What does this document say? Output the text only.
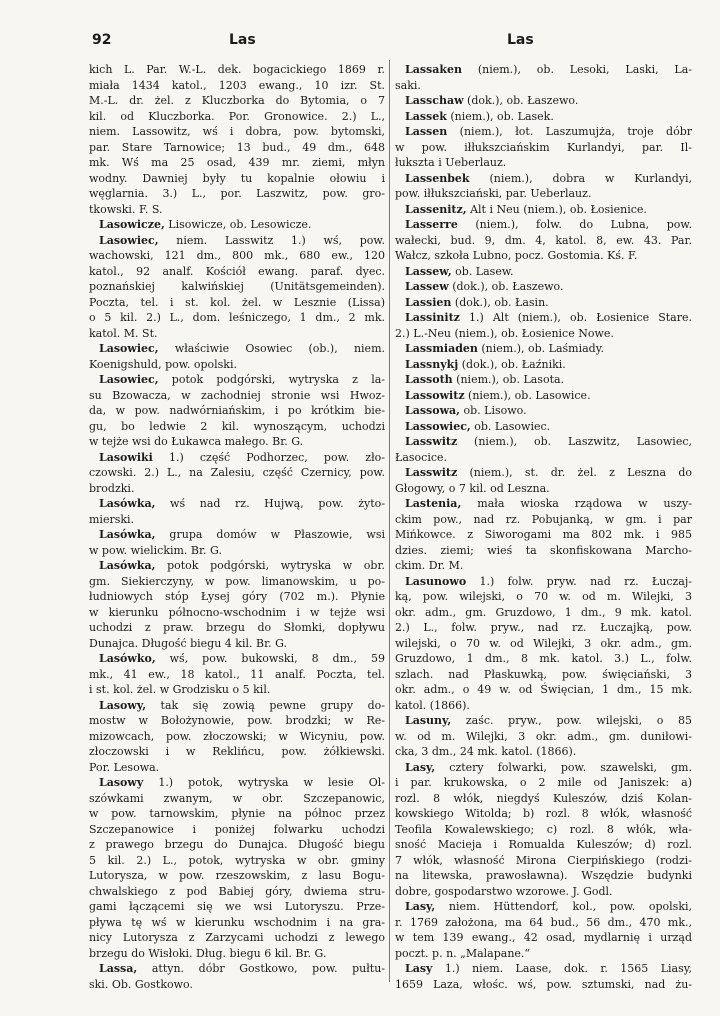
92	Las	Las
kich L. Par. W.-L. dek. bogacickiego 1869 r.
miała 1434 katol., 1203 ewang., 10 izr. St.
M.-L. dr. żel. z Kluczborka do Bytomia, o 7
kil. od Kluczborka. Por. Gronowice. 2.) L.,
niem. Lassowitz, wś i dobra, pow. bytomski,
par. Stare Tarnowice; 13 bud., 49 dm., 648
mk. Wś ma 25 osad, 439 mr. ziemi, młyn
wodny. Dawniej były tu kopalnie ołowiu i
węglarnia. 3.) L., por. Laszwitz, pow. gro-
tkowski. F. S.
Lasowicze, Lisowicze, ob. Lesowicze.
Lasowiec, niem. Lasswitz 1.) wś, pow.
wachowski, 121 dm., 800 mk., 680 ew., 120
katol., 92 analf. Kościół ewang. paraf. dyec.
poznańskiej kalwińskiej (Unitätsgemeinden).
Poczta, tel. i st. kol. żel. w Lesznie (Lissa)
o 5 kil. 2.) L., dom. leśniczego, 1 dm., 2 mk.
katol. M. St.
Lasowiec, właściwie Osowiec (ob.), niem.
Koenigshuld, pow. opolski.
Lasowiec, potok podgórski, wytryska z la-
su Bzowacza, w zachodniej stronie wsi Hwoz-
da, w pow. nadwórniańskim, i po krótkim bie-
gu, bo ledwie 2 kil. wynoszącym, uchodzi
w tejże wsi do Łukawca małego. Br. G.
Lasowiki 1.) część Podhorzec, pow. zło-
czowski. 2.) L., na Zalesiu, część Czernicy, pow.
brodzki.
Lasówka, wś nad rz. Hujwą, pow. żyto-
mierski.
Lasówka, grupa domów w Płaszowie, wsi
w pow. wielickim. Br. G.
Lasówka, potok podgórski, wytryska w obr.
gm. Siekierczyny, w pow. limanowskim, u po-
łudniowych stóp Łysej góry (702 m.). Płynie
w kierunku północno-wschodnim i w tejże wsi
uchodzi z praw. brzegu do Słomki, dopływu
Dunajca. Długość biegu 4 kil. Br. G.
Lasówko, wś, pow. bukowski, 8 dm., 59
mk., 41 ew., 18 katol., 11 analf. Poczta, tel.
i st. kol. żel. w Grodzisku o 5 kil.
Lasowy, tak się zowią pewne grupy do-
mostw w Bołożynowie, pow. brodzki; w Re-
mizowcach, pow. złoczowski; w Wicyniu, pow.
złoczowski i w Reklińcu, pow. żółkiewski.
Por. Lesowa.
Lasowy 1.) potok, wytryska w lesie Ol-
szówkami zwanym, w obr. Szczepanowic,
w pow. tarnowskim, płynie na północ przez
Szczepanowice i poniżej folwarku uchodzi
z prawego brzegu do Dunajca. Długość biegu
5 kil. 2.) L., potok, wytryska w obr. gminy
Lutorysza, w pow. rzeszowskim, z lasu Bogu-
chwalskiego z pod Babiej góry, dwiema stru-
gami łączącemi się we wsi Lutoryszu. Prze-
pływa tę wś w kierunku wschodnim i na gra-
nicy Lutorysza z Zarzycami uchodzi z lewego
brzegu do Wisłoki. Dług. biegu 6 kil. Br. G.
Lassa, attyn. dóbr Gostkowo, pow. pułtu-
ski. Ob. Gostkowo.
Lassaken (niem.), ob. Lesoki, Laski, La-
saki.
Lasschaw (dok.), ob. Łaszewo.
Lassek (niem.), ob. Lasek.
Lassen (niem.), łot. Laszumujża, troje dóbr
w pow. iłłukszciańskim Kurlandyi, par. Il-
łukszta i Ueberlauz.
Lassenbek (niem.), dobra w Kurlandyi,
pow. iłłukszciański, par. Ueberlauz.
Lassenitz, Alt i Neu (niem.), ob. Łosienice.
Lasserre (niem.), folw. do Lubna, pow.
wałecki, bud. 9, dm. 4, katol. 8, ew. 43. Par.
Wałcz, szkoła Lubno, pocz. Gostomia. Kś. F.
Lassew, ob. Lasew.
Lassew (dok.), ob. Łaszewo.
Lassien (dok.), ob. Łasin.
Lassinitz 1.) Alt (niem.), ob. Łosienice Stare.
2.) L.-Neu (niem.), ob. Łosienice Nowe.
Lassmiaden (niem.), ob. Laśmiady.
Lassnykj (dok.), ob. Łaźniki.
Lassoth (niem.), ob. Lasota.
Lassowitz (niem.), ob. Lasowice.
Lassowa, ob. Lisowo.
Lassowiec, ob. Lasowiec.
Lasswitz (niem.), ob. Laszwitz, Lasowiec,
Łasocice.
Lasswitz (niem.), st. dr. żel. z Leszna do
Głogowy, o 7 kil. od Leszna.
Lastenia, mała wioska rządowa w uszy-
ckim pow., nad rz. Pobujanką, w gm. i par
Mińkowce. z Siworogami ma 802 mk. i 985
dzies. ziemi; wieś ta skonfiskowana Marcho-
ckim. Dr. M.
Lasunowo 1.) folw. pryw. nad rz. Łuczaj-
ką, pow. wilejski, o 70 w. od m. Wilejki, 3
okr. adm., gm. Gruzdowo, 1 dm., 9 mk. katol.
2.) L., folw. pryw., nad rz. Łuczajką, pow.
wilejski, o 70 w. od Wilejki, 3 okr. adm., gm.
Gruzdowo, 1 dm., 8 mk. katol. 3.) L., folw.
szlach. nad Płaskuwką, pow. święciański, 3
okr. adm., o 49 w. od Święcian, 1 dm., 15 mk.
katol. (1866).
Lasuny, zaśc. pryw., pow. wilejski, o 85
w. od m. Wilejki, 3 okr. adm., gm. duniłowi-
cka, 3 dm., 24 mk. katol. (1866).
Lasy, cztery folwarki, pow. szawelski, gm.
i par. krukowska, o 2 mile od Janiszek: a)
rozl. 8 włók, niegdyś Kuleszów, dziś Kolan-
kowskiego Witolda; b) rozl. 8 włók, własność
Teofila Kowalewskiego; c) rozl. 8 włók, wła-
sność Macieja i Romualda Kuleszów; d) rozl.
7 włók, własność Mirona Cierpińskiego (rodzi-
na litewska, prawosławna). Wszędzie budynki
dobre, gospodarstwo wzorowe. J. Godl.
Lasy, niem. Hüttendorf, kol., pow. opolski,
r. 1769 założona, ma 64 bud., 56 dm., 470 mk.,
w tem 139 ewang., 42 osad, mydlarnię i urząd
poczt. p. n. „Malapane.“
Lasy 1.) niem. Laase, dok. r. 1565 Liasy,
1659 Laza, włośc. wś, pow. sztumski, nad żu-
